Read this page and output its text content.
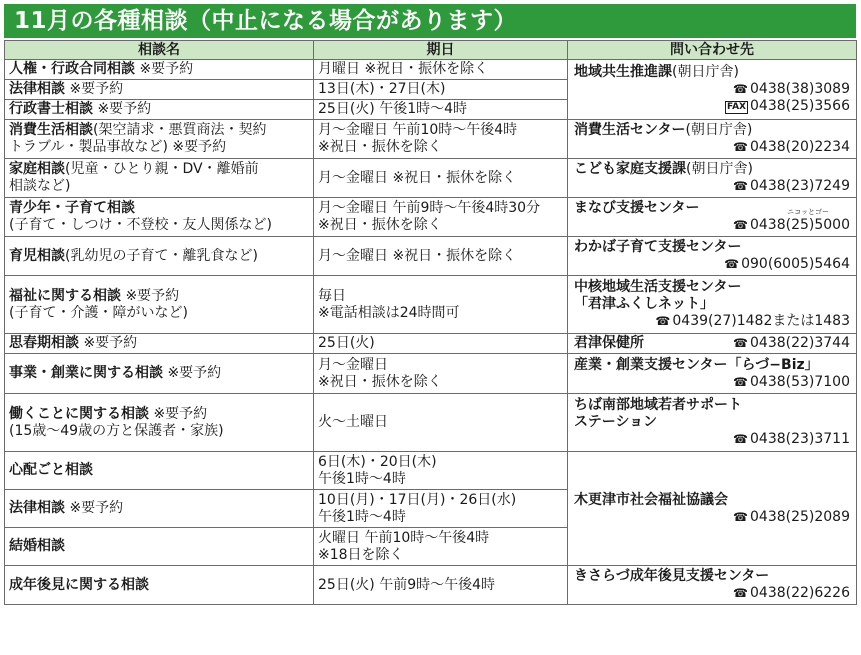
11月の各種相談（中止になる場合があります）
相談名	期日	問い合わせ先
人権・行政合同相談 ※要予約	月曜日 ※祝日・振休を除く	地域共生推進課(朝日庁舎)
☎ 0438(38)3089
FAX 0438(25)3566

法律相談 ※要予約	13日(木)・27日(木)	

行政書士相談 ※要予約	25日(火) 午後1時～4時	

消費生活相談(架空請求・悪質商法・契約
トラブル・製品事故など) ※要予約	月～金曜日 午前10時～午後4時
※祝日・振休を除く	消費生活センター(朝日庁舎)
☎ 0438(20)2234

家庭相談(児童・ひとり親・DV・離婚前
相談など)	月～金曜日 ※祝日・振休を除く	こども家庭支援課(朝日庁舎)
☎ 0438(23)7249

青少年・子育て相談
(子育て・しつけ・不登校・友人関係など)	月～金曜日 午前9時～午後4時30分
※祝日・振休を除く	まなび支援センター
☎ 0438(
ニコッとゴー
25)5000

育児相談(乳幼児の子育て・離乳食など)	月～金曜日 ※祝日・振休を除く	わかば子育て支援センター
☎ 090(6005)5464

福祉に関する相談 ※要予約
(子育て・介護・障がいなど)	毎日
※電話相談は24時間可	中核地域生活支援センター
「君津ふくしネット」
☎ 0439(27)1482または1483

思春期相談 ※要予約	25日(火)	君津保健所 ☎ 0438(22)3744

事業・創業に関する相談 ※要予約	月～金曜日
※祝日・振休を除く	産業・創業支援センター「らづ−Biz」
☎ 0438(53)7100

働くことに関する相談 ※要予約
(15歳～49歳の方と保護者・家族)	火～土曜日	ちば南部地域若者サポート
ステーション
☎ 0438(23)3711

心配ごと相談	6日(木)・20日(木)
午後1時～4時	木更津市社会福祉協議会
☎ 0438(25)2089

法律相談 ※要予約	10日(月)・17日(月)・26日(水)
午後1時～4時	

結婚相談	火曜日 午前10時～午後4時
※18日を除く	

成年後見に関する相談	25日(火) 午前9時～午後4時	きさらづ成年後見支援センター
☎ 0438(22)6226
